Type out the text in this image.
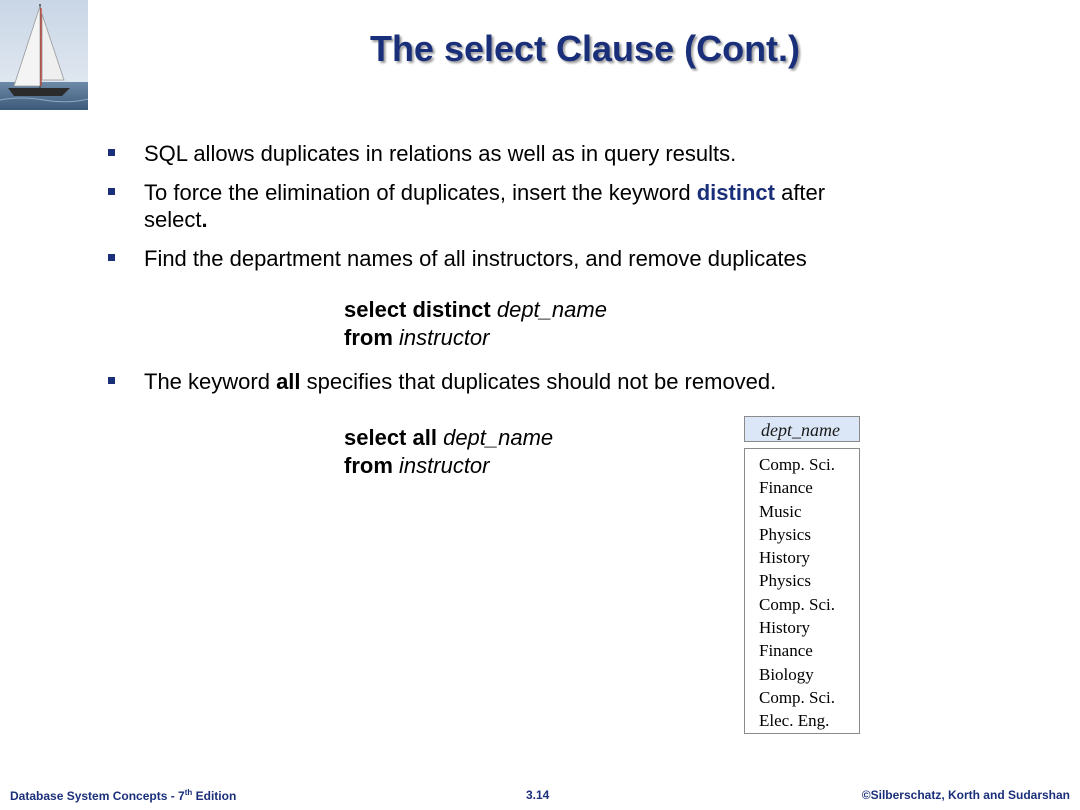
The select Clause (Cont.)
SQL allows duplicates in relations as well as in query results.
To force the elimination of duplicates, insert the keyword distinct after
select.
Find the department names of all instructors, and remove duplicates
select distinct dept_name
from instructor
The keyword all specifies that duplicates should not be removed.
select all dept_name
from instructor
dept_name
Comp. Sci.
Finance
Music
Physics
History
Physics
Comp. Sci.
History
Finance
Biology
Comp. Sci.
Elec. Eng.
Database System Concepts - 7th Edition	3.14	©Silberschatz, Korth and Sudarshan
